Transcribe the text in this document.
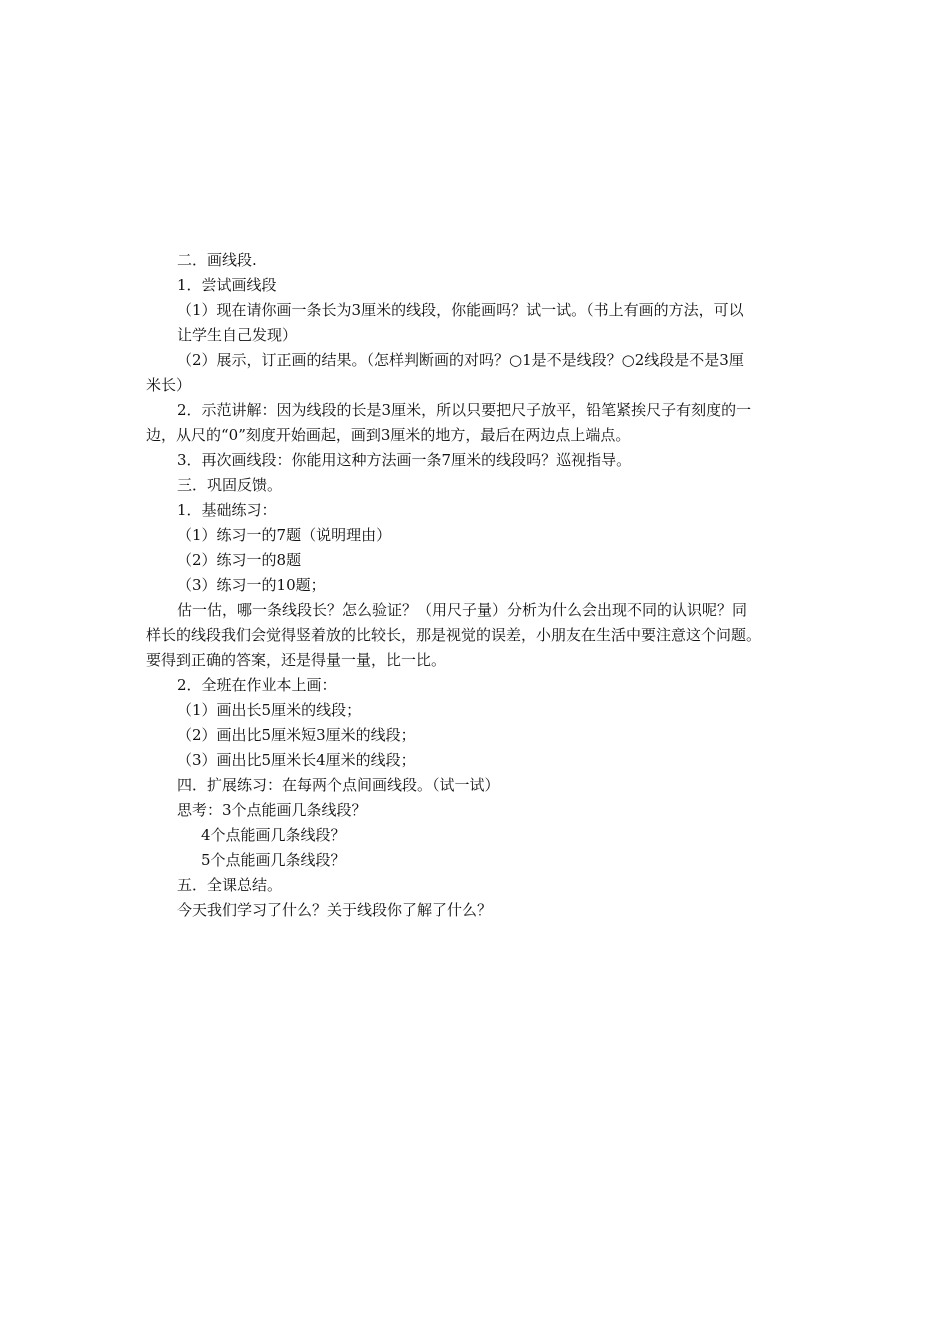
二．画线段.
1．尝试画线段
（1）现在请你画一条长为3厘米的线段，你能画吗？试一试。（书上有画的方法，可以
让学生自己发现）
（2）展示，订正画的结果。（怎样判断画的对吗？○1是不是线段？○2线段是不是3厘
米长）
2．示范讲解：因为线段的长是3厘米，所以只要把尺子放平，铅笔紧挨尺子有刻度的一
边，从尺的“0”刻度开始画起，画到3厘米的地方，最后在两边点上端点。
3．再次画线段：你能用这种方法画一条7厘米的线段吗？巡视指导。
三．巩固反馈。
1．基础练习：
（1）练习一的7题（说明理由）
（2）练习一的8题
（3）练习一的10题；
估一估，哪一条线段长？怎么验证？（用尺子量）分析为什么会出现不同的认识呢？同
样长的线段我们会觉得竖着放的比较长，那是视觉的误差，小朋友在生活中要注意这个问题。
要得到正确的答案，还是得量一量，比一比。
2．全班在作业本上画：
（1）画出长5厘米的线段；
（2）画出比5厘米短3厘米的线段；
（3）画出比5厘米长4厘米的线段；
四．扩展练习：在每两个点间画线段。（试一试）
思考：3个点能画几条线段？
4个点能画几条线段？
5个点能画几条线段？
五．全课总结。
今天我们学习了什么？关于线段你了解了什么？
